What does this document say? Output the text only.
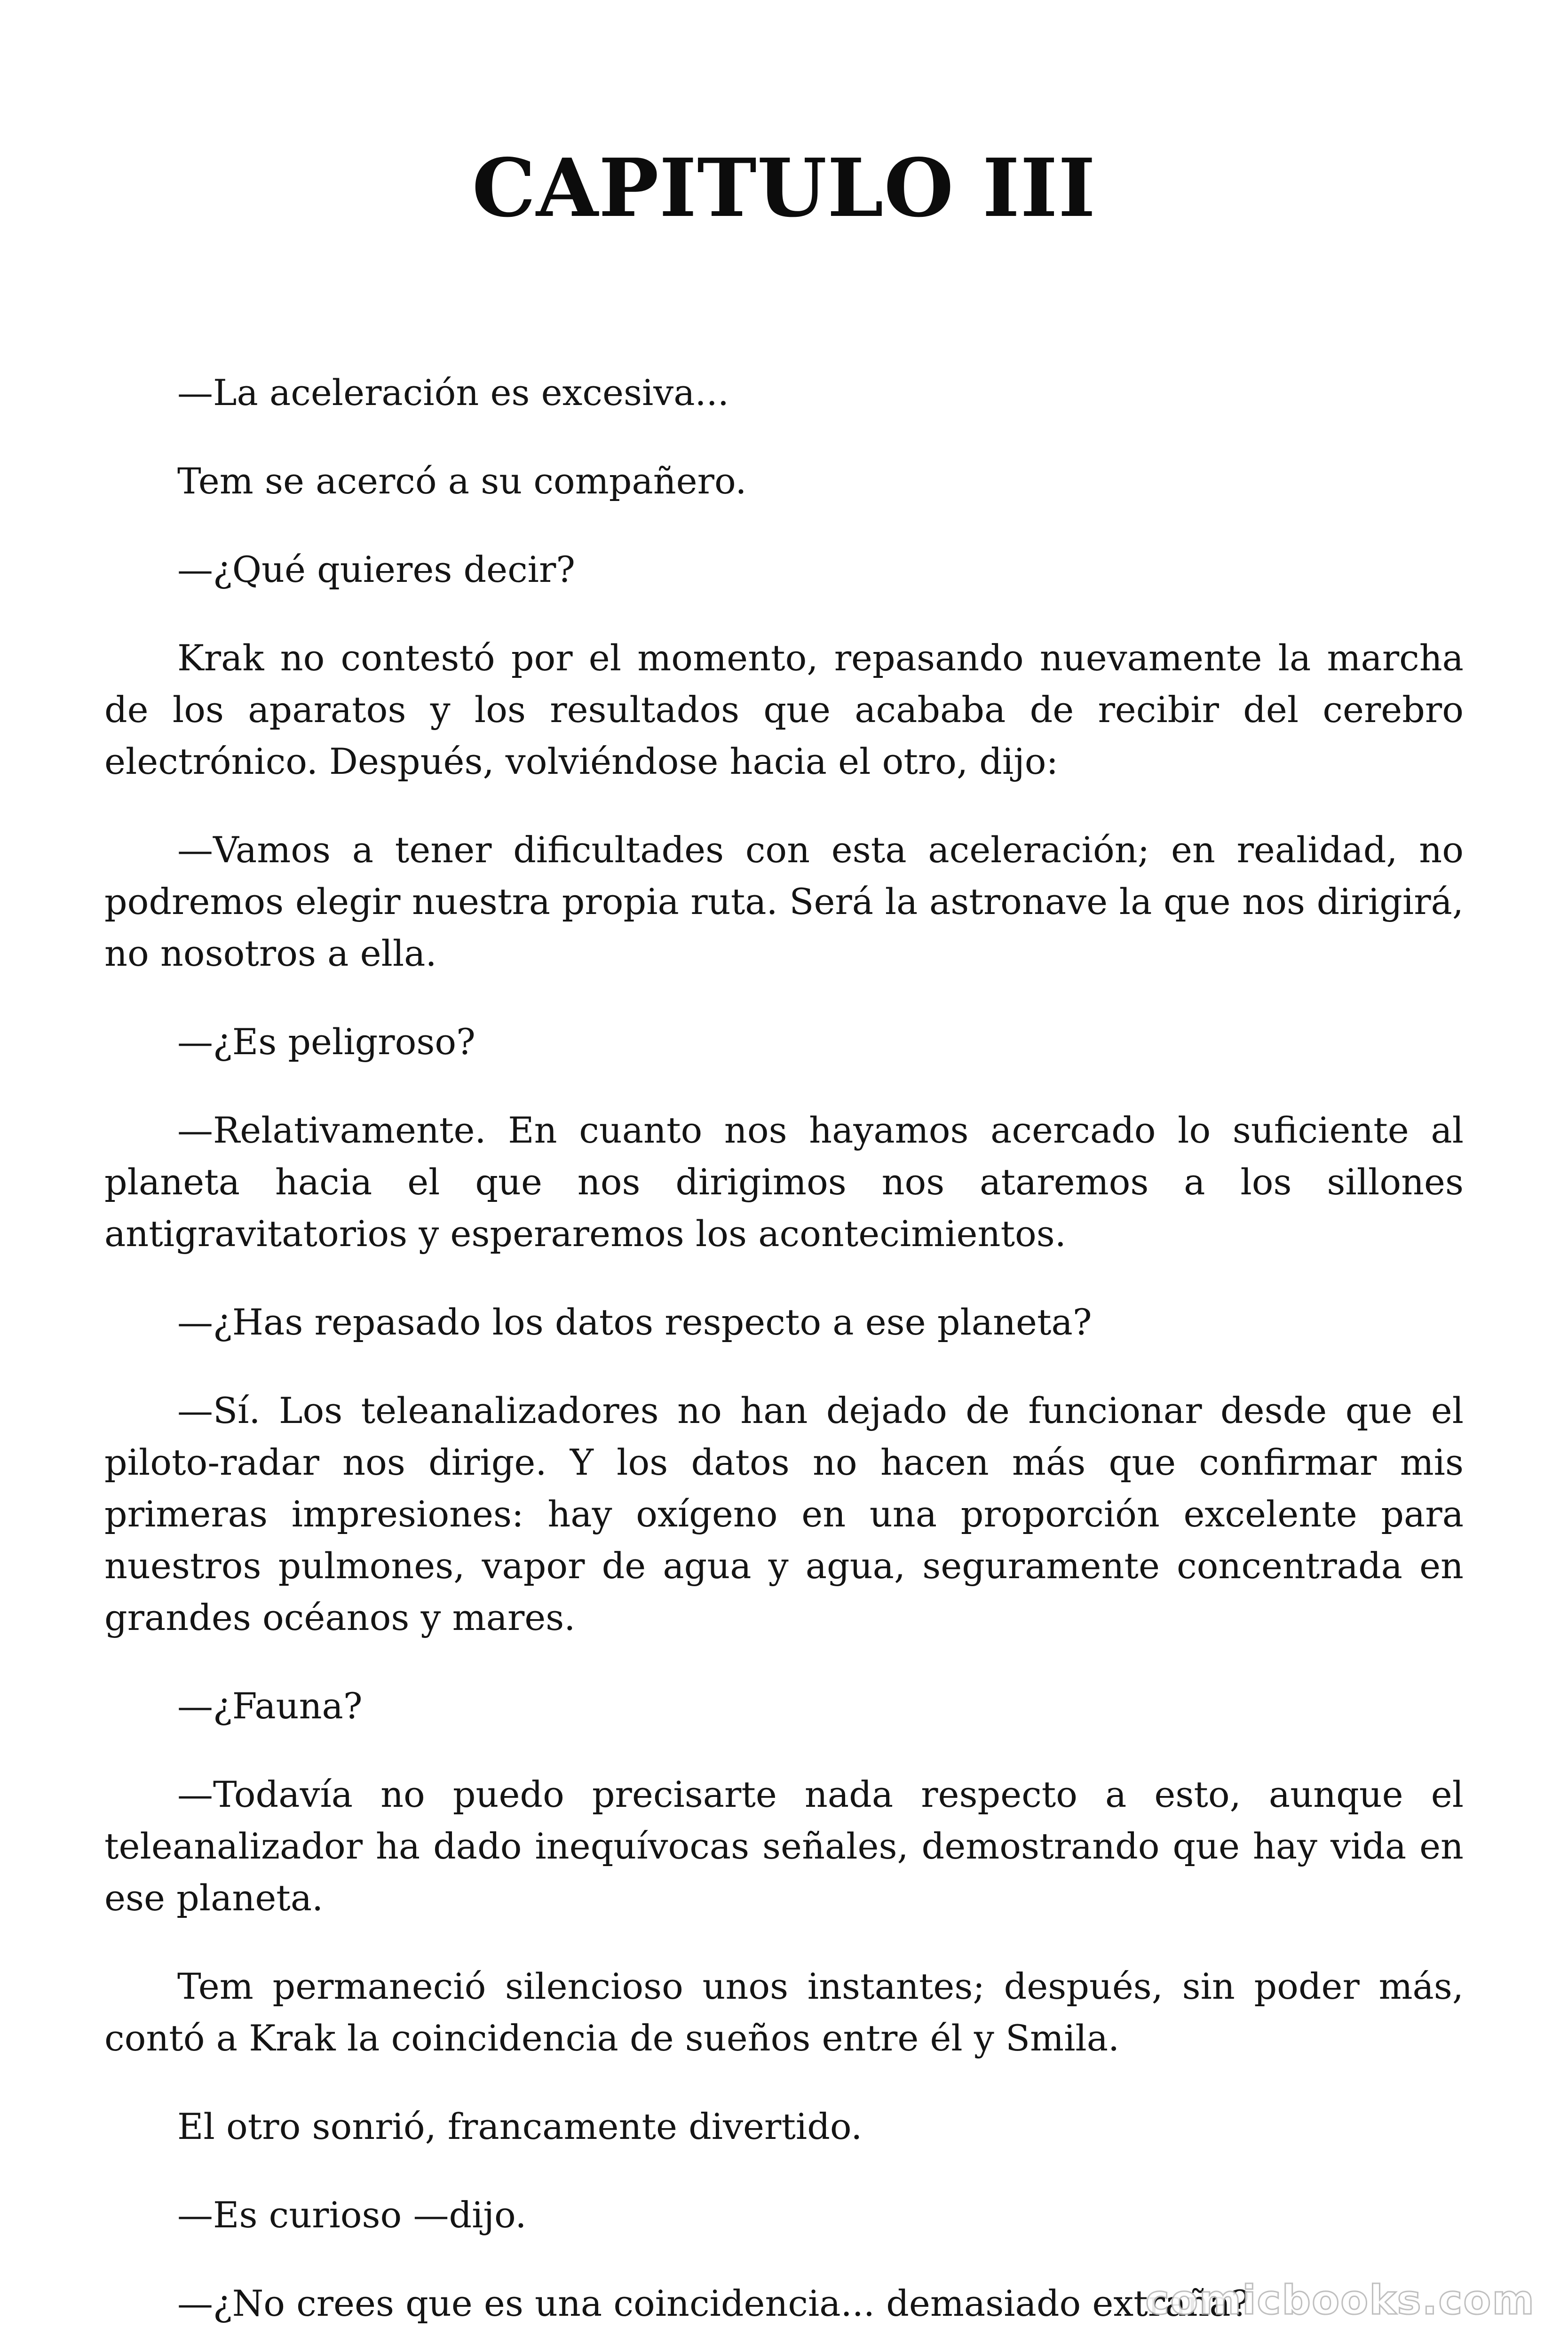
CAPITULO III

—La aceleración es excesiva...

Tem se acercó a su compañero.

—¿Qué quieres decir?

Krak no contestó por el momento, repasando nuevamente la marcha de los aparatos y los resultados que acababa de recibir del cerebro electrónico. Después, volviéndose hacia el otro, dijo:

—Vamos a tener dificultades con esta aceleración; en realidad, no podremos elegir nuestra propia ruta. Será la astronave la que nos dirigirá, no nosotros a ella.

—¿Es peligroso?

—Relativamente. En cuanto nos hayamos acercado lo suficiente al planeta hacia el que nos dirigimos nos ataremos a los sillones antigravitatorios y esperaremos los acontecimientos.

—¿Has repasado los datos respecto a ese planeta?

—Sí. Los teleanalizadores no han dejado de funcionar desde que el piloto-radar nos dirige. Y los datos no hacen más que confirmar mis primeras impresiones: hay oxígeno en una proporción excelente para nuestros pulmones, vapor de agua y agua, seguramente concentrada en grandes océanos y mares.

—¿Fauna?

—Todavía no puedo precisarte nada respecto a esto, aunque el teleanalizador ha dado inequívocas señales, demostrando que hay vida en ese planeta.

Tem permaneció silencioso unos instantes; después, sin poder más, contó a Krak la coincidencia de sueños entre él y Smila.

El otro sonrió, francamente divertido.

—Es curioso —dijo.

—¿No crees que es una coincidencia... demasiado extraña?

comicbooks.com
